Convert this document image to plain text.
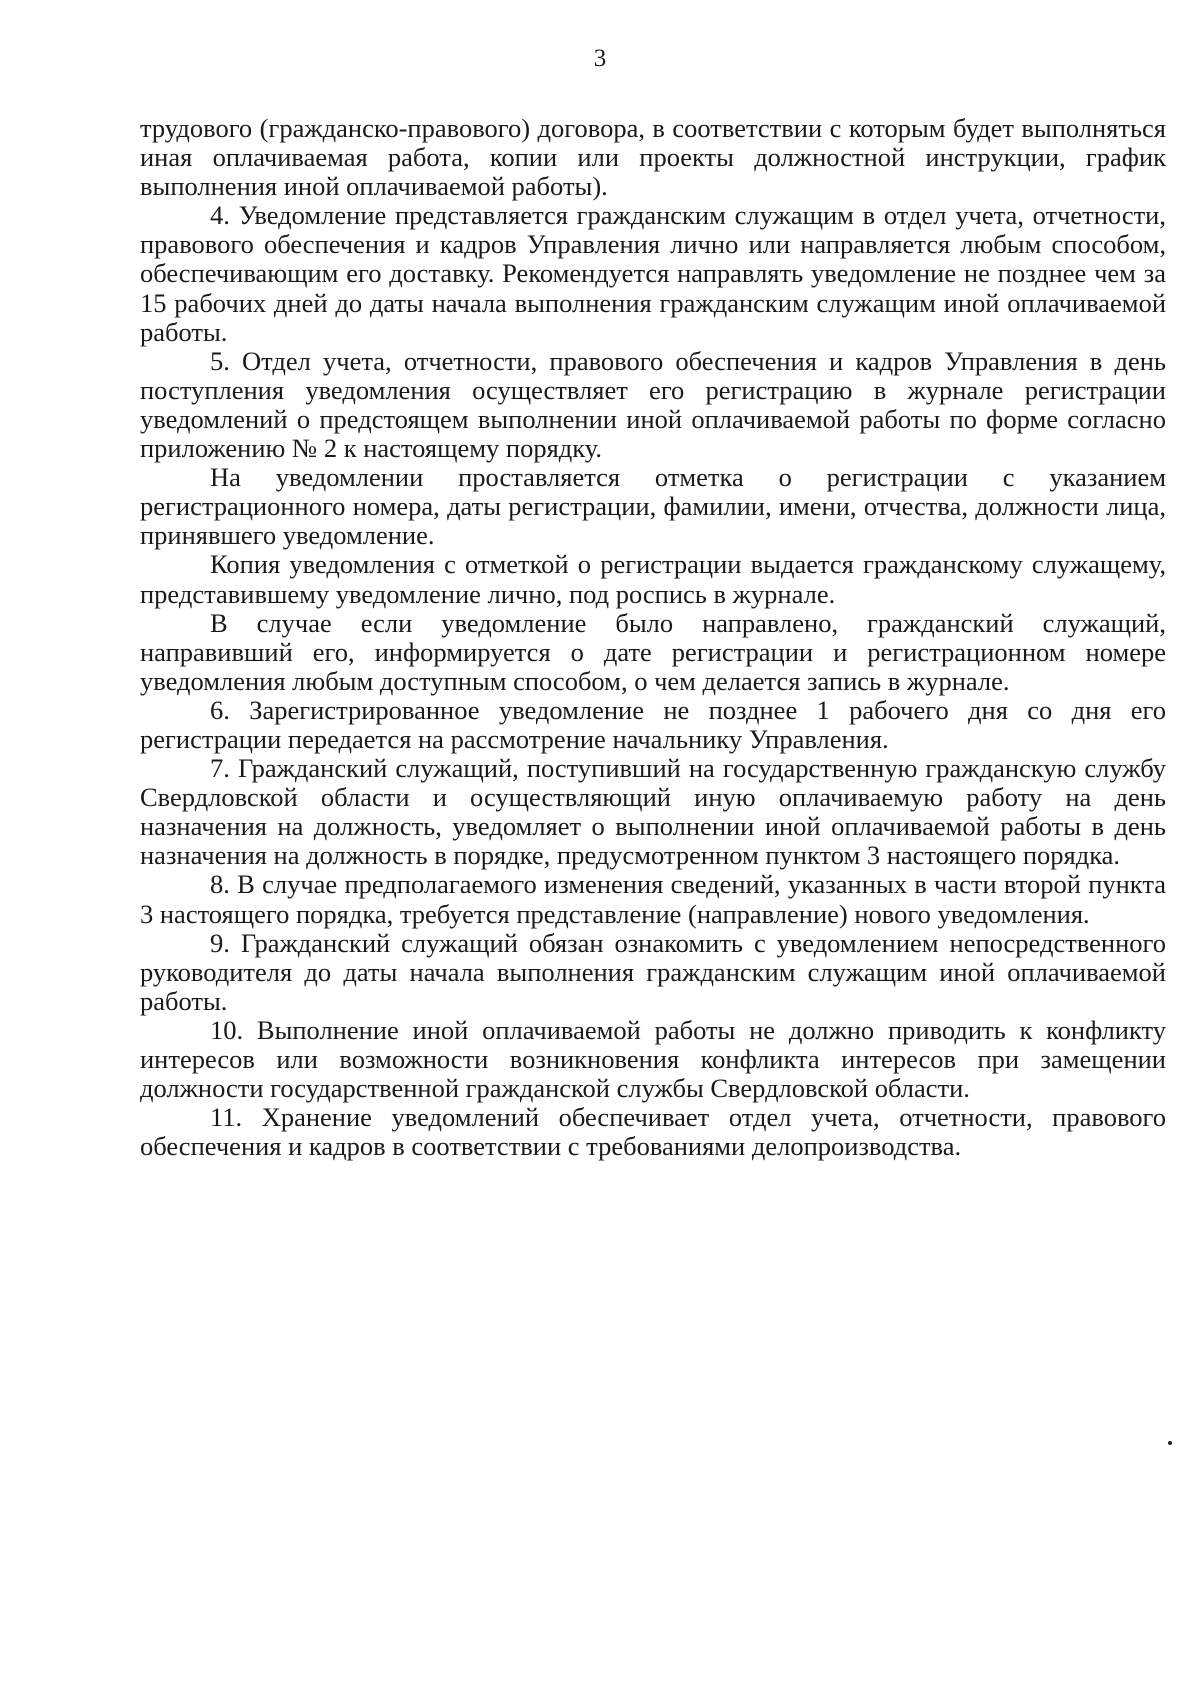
3

трудового (гражданско-правового) договора, в соответствии с которым будет выполняться иная оплачиваемая работа, копии или проекты должностной инструкции, график выполнения иной оплачиваемой работы).

4. Уведомление представляется гражданским служащим в отдел учета, отчетности, правового обеспечения и кадров Управления лично или направляется любым способом, обеспечивающим его доставку. Рекомендуется направлять уведомление не позднее чем за 15 рабочих дней до даты начала выполнения гражданским служащим иной оплачиваемой работы.

5. Отдел учета, отчетности, правового обеспечения и кадров Управления в день поступления уведомления осуществляет его регистрацию в журнале регистрации уведомлений о предстоящем выполнении иной оплачиваемой работы по форме согласно приложению № 2 к настоящему порядку.

На уведомлении проставляется отметка о регистрации с указанием регистрационного номера, даты регистрации, фамилии, имени, отчества, должности лица, принявшего уведомление.

Копия уведомления с отметкой о регистрации выдается гражданскому служащему, представившему уведомление лично, под роспись в журнале.

В случае если уведомление было направлено, гражданский служащий, направивший его, информируется о дате регистрации и регистрационном номере уведомления любым доступным способом, о чем делается запись в журнале.

6. Зарегистрированное уведомление не позднее 1 рабочего дня со дня его регистрации передается на рассмотрение начальнику Управления.

7. Гражданский служащий, поступивший на государственную гражданскую службу Свердловской области и осуществляющий иную оплачиваемую работу на день назначения на должность, уведомляет о выполнении иной оплачиваемой работы в день назначения на должность в порядке, предусмотренном пунктом 3 настоящего порядка.

8. В случае предполагаемого изменения сведений, указанных в части второй пункта 3 настоящего порядка, требуется представление (направление) нового уведомления.

9. Гражданский служащий обязан ознакомить с уведомлением непосредственного руководителя до даты начала выполнения гражданским служащим иной оплачиваемой работы.

10. Выполнение иной оплачиваемой работы не должно приводить к конфликту интересов или возможности возникновения конфликта интересов при замещении должности государственной гражданской службы Свердловской области.

11. Хранение уведомлений обеспечивает отдел учета, отчетности, правового обеспечения и кадров в соответствии с требованиями делопроизводства.
